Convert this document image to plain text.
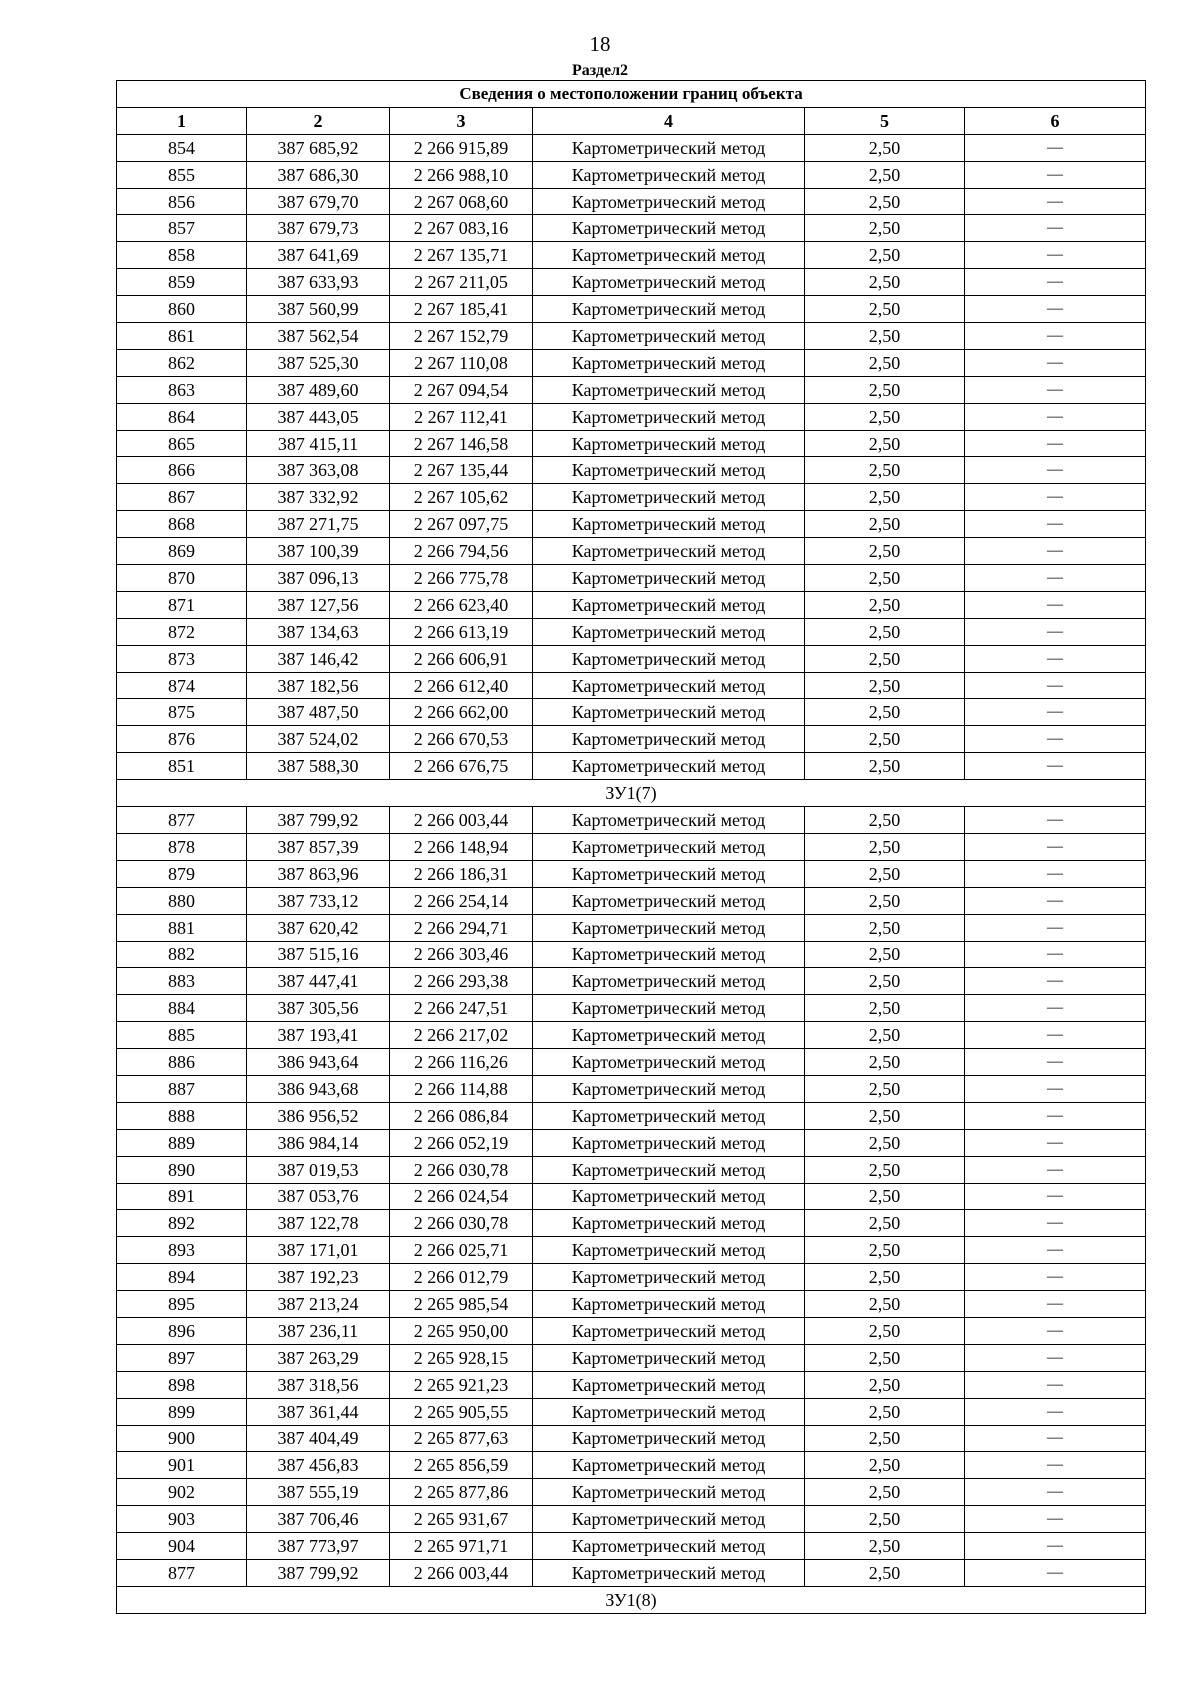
18
Раздел2
Сведения о местоположении границ объекта					
1	2	3	4	5	6
854	387 685,92	2 266 915,89	Картометрический метод	2,50	—
855	387 686,30	2 266 988,10	Картометрический метод	2,50	—
856	387 679,70	2 267 068,60	Картометрический метод	2,50	—
857	387 679,73	2 267 083,16	Картометрический метод	2,50	—
858	387 641,69	2 267 135,71	Картометрический метод	2,50	—
859	387 633,93	2 267 211,05	Картометрический метод	2,50	—
860	387 560,99	2 267 185,41	Картометрический метод	2,50	—
861	387 562,54	2 267 152,79	Картометрический метод	2,50	—
862	387 525,30	2 267 110,08	Картометрический метод	2,50	—
863	387 489,60	2 267 094,54	Картометрический метод	2,50	—
864	387 443,05	2 267 112,41	Картометрический метод	2,50	—
865	387 415,11	2 267 146,58	Картометрический метод	2,50	—
866	387 363,08	2 267 135,44	Картометрический метод	2,50	—
867	387 332,92	2 267 105,62	Картометрический метод	2,50	—
868	387 271,75	2 267 097,75	Картометрический метод	2,50	—
869	387 100,39	2 266 794,56	Картометрический метод	2,50	—
870	387 096,13	2 266 775,78	Картометрический метод	2,50	—
871	387 127,56	2 266 623,40	Картометрический метод	2,50	—
872	387 134,63	2 266 613,19	Картометрический метод	2,50	—
873	387 146,42	2 266 606,91	Картометрический метод	2,50	—
874	387 182,56	2 266 612,40	Картометрический метод	2,50	—
875	387 487,50	2 266 662,00	Картометрический метод	2,50	—
876	387 524,02	2 266 670,53	Картометрический метод	2,50	—
851	387 588,30	2 266 676,75	Картометрический метод	2,50	—
ЗУ1(7)					
877	387 799,92	2 266 003,44	Картометрический метод	2,50	—
878	387 857,39	2 266 148,94	Картометрический метод	2,50	—
879	387 863,96	2 266 186,31	Картометрический метод	2,50	—
880	387 733,12	2 266 254,14	Картометрический метод	2,50	—
881	387 620,42	2 266 294,71	Картометрический метод	2,50	—
882	387 515,16	2 266 303,46	Картометрический метод	2,50	—
883	387 447,41	2 266 293,38	Картометрический метод	2,50	—
884	387 305,56	2 266 247,51	Картометрический метод	2,50	—
885	387 193,41	2 266 217,02	Картометрический метод	2,50	—
886	386 943,64	2 266 116,26	Картометрический метод	2,50	—
887	386 943,68	2 266 114,88	Картометрический метод	2,50	—
888	386 956,52	2 266 086,84	Картометрический метод	2,50	—
889	386 984,14	2 266 052,19	Картометрический метод	2,50	—
890	387 019,53	2 266 030,78	Картометрический метод	2,50	—
891	387 053,76	2 266 024,54	Картометрический метод	2,50	—
892	387 122,78	2 266 030,78	Картометрический метод	2,50	—
893	387 171,01	2 266 025,71	Картометрический метод	2,50	—
894	387 192,23	2 266 012,79	Картометрический метод	2,50	—
895	387 213,24	2 265 985,54	Картометрический метод	2,50	—
896	387 236,11	2 265 950,00	Картометрический метод	2,50	—
897	387 263,29	2 265 928,15	Картометрический метод	2,50	—
898	387 318,56	2 265 921,23	Картометрический метод	2,50	—
899	387 361,44	2 265 905,55	Картометрический метод	2,50	—
900	387 404,49	2 265 877,63	Картометрический метод	2,50	—
901	387 456,83	2 265 856,59	Картометрический метод	2,50	—
902	387 555,19	2 265 877,86	Картометрический метод	2,50	—
903	387 706,46	2 265 931,67	Картометрический метод	2,50	—
904	387 773,97	2 265 971,71	Картометрический метод	2,50	—
877	387 799,92	2 266 003,44	Картометрический метод	2,50	—
ЗУ1(8)					
